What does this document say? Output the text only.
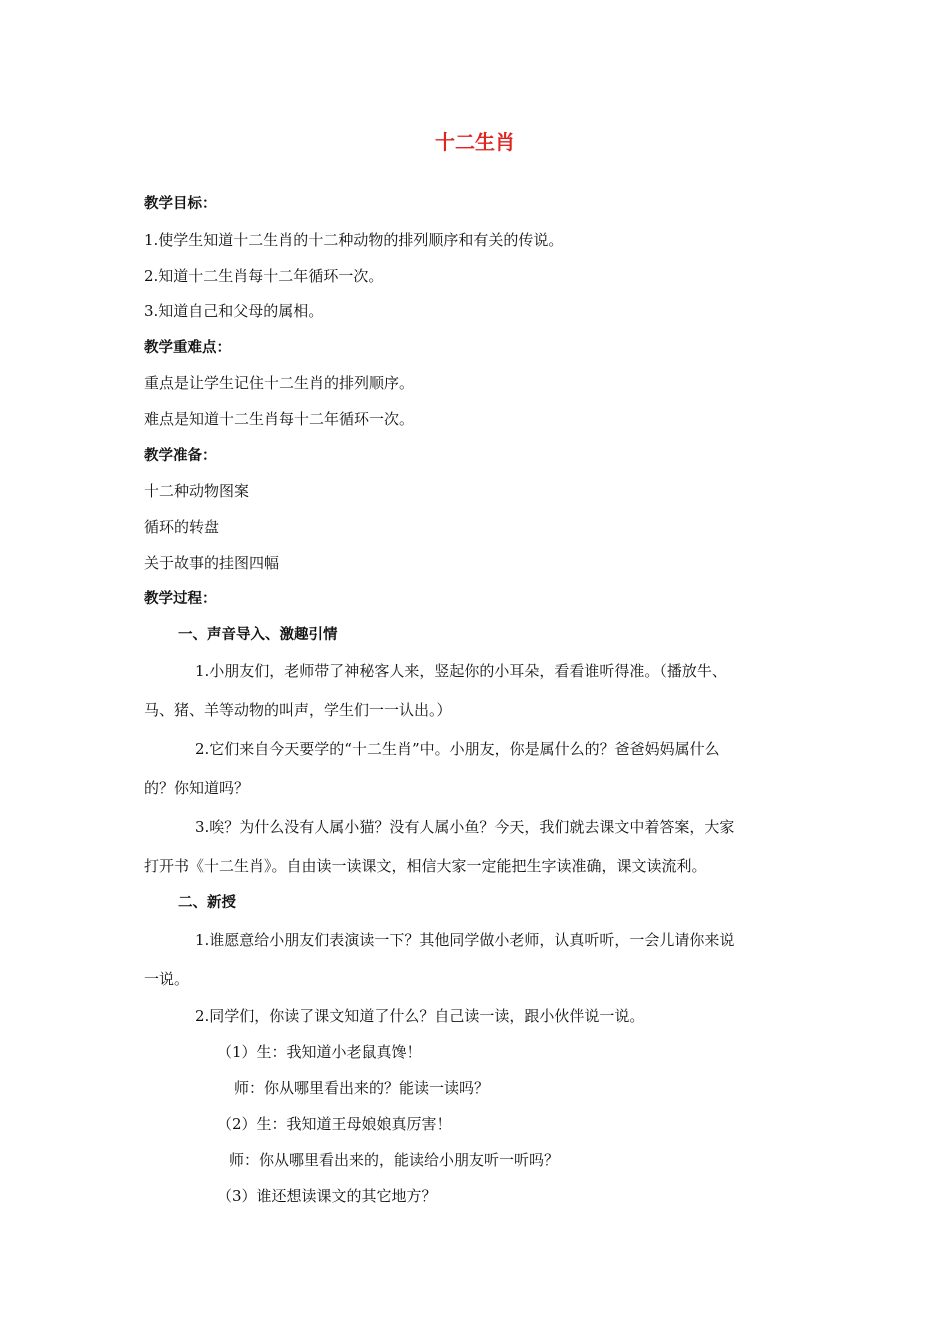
十二生肖
教学目标：
1.使学生知道十二生肖的十二种动物的排列顺序和有关的传说。
2.知道十二生肖每十二年循环一次。
3.知道自己和父母的属相。
教学重难点：
重点是让学生记住十二生肖的排列顺序。
难点是知道十二生肖每十二年循环一次。
教学准备：
十二种动物图案
循环的转盘
关于故事的挂图四幅
教学过程：
一、声音导入、激趣引情
1.小朋友们，老师带了神秘客人来，竖起你的小耳朵，看看谁听得准。（播放牛、
马、猪、羊等动物的叫声，学生们一一认出。）
2.它们来自今天要学的“十二生肖”中。小朋友，你是属什么的？爸爸妈妈属什么
的？你知道吗？
3.唉？为什么没有人属小猫？没有人属小鱼？今天，我们就去课文中着答案，大家
打开书《十二生肖》。自由读一读课文，相信大家一定能把生字读准确，课文读流利。
二、新授
1.谁愿意给小朋友们表演读一下？其他同学做小老师，认真听听，一会儿请你来说
一说。
2.同学们，你读了课文知道了什么？自己读一读，跟小伙伴说一说。
（1）生：我知道小老鼠真馋！
师：你从哪里看出来的？能读一读吗？
（2）生：我知道王母娘娘真厉害！
师：你从哪里看出来的，能读给小朋友听一听吗？
（3）谁还想读课文的其它地方？
